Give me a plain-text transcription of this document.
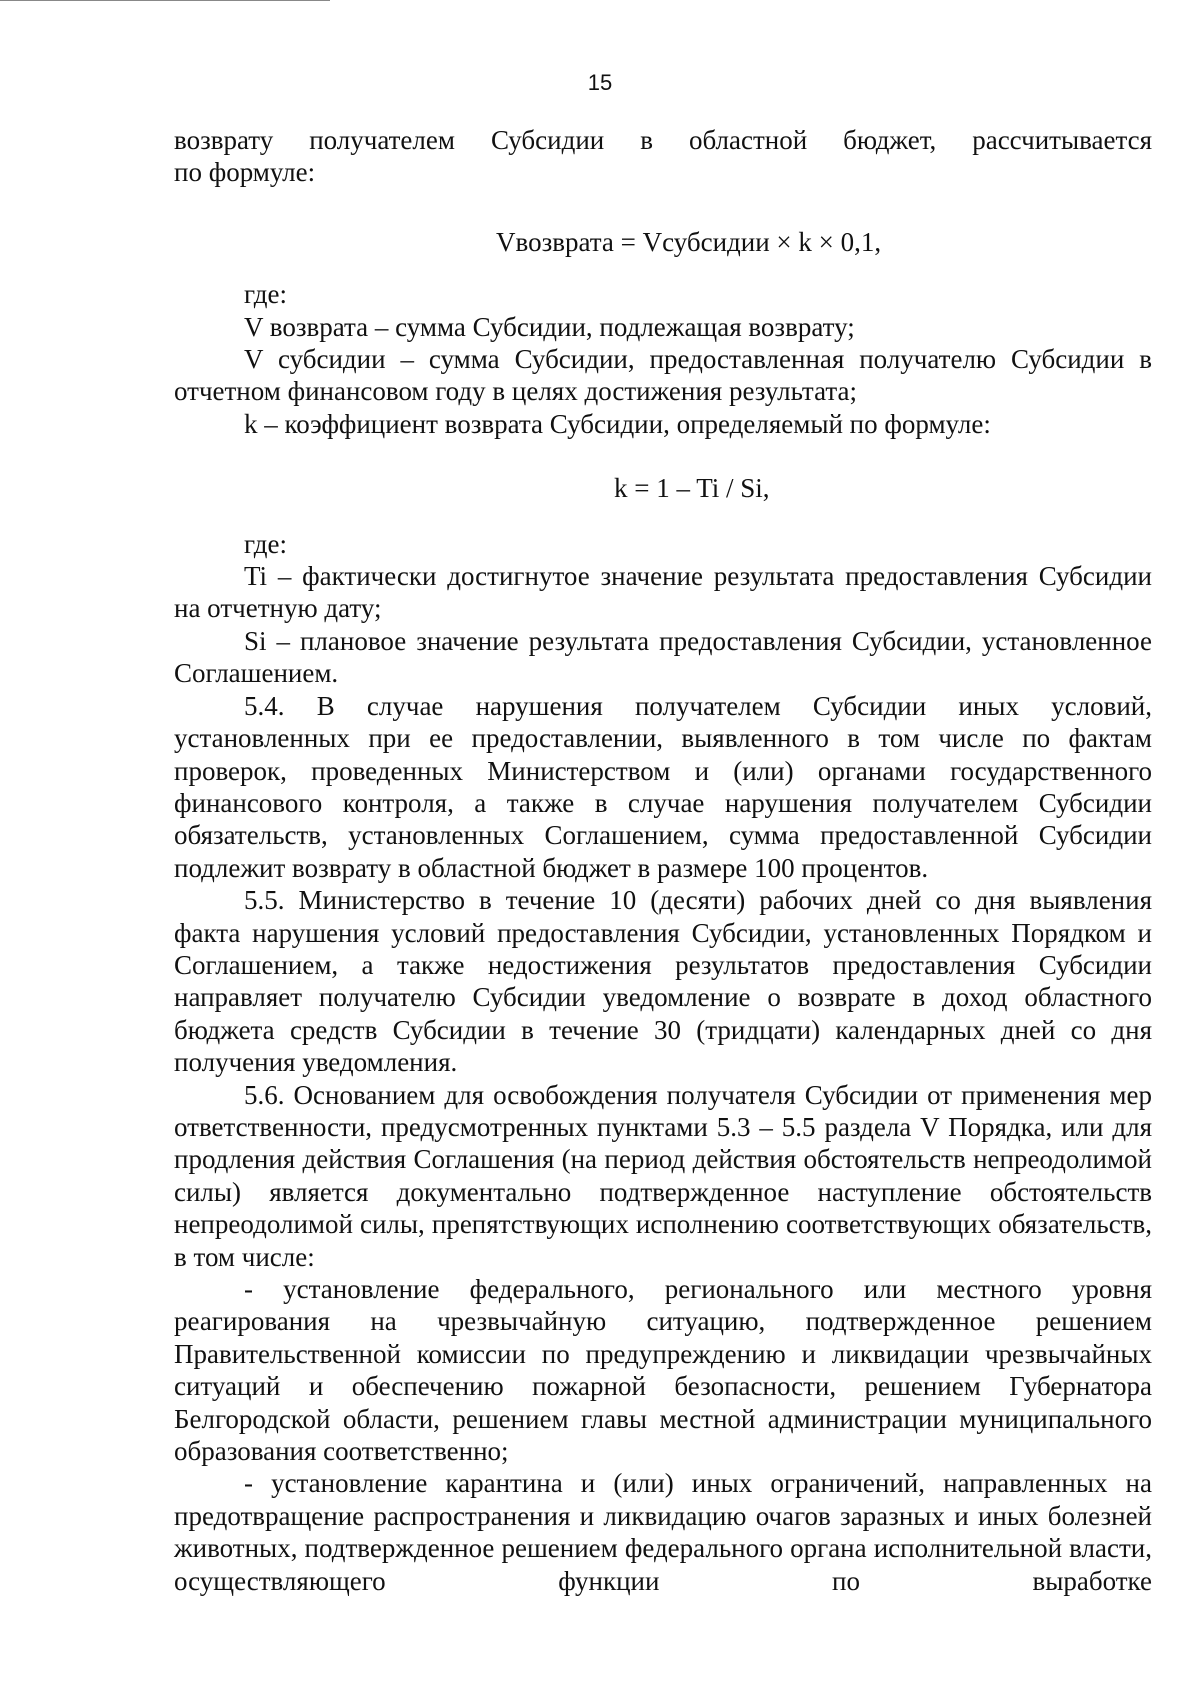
15

возврату получателем Субсидии в областной бюджет, рассчитывается

по формуле:

Vвозврата = Vсубсидии × k × 0,1,

где:

V возврата – сумма Субсидии, подлежащая возврату;

V субсидии – сумма Субсидии, предоставленная получателю Субсидии в отчетном финансовом году в целях достижения результата;

k – коэффициент возврата Субсидии, определяемый по формуле:

k = 1 – Ti / Si,

где:

Ti – фактически достигнутое значение результата предоставления Субсидии на отчетную дату;

Si – плановое значение результата предоставления Субсидии, установленное Соглашением.

5.4. В случае нарушения получателем Субсидии иных условий, установленных при ее предоставлении, выявленного в том числе по фактам проверок, проведенных Министерством и (или) органами государственного финансового контроля, а также в случае нарушения получателем Субсидии обязательств, установленных Соглашением, сумма предоставленной Субсидии подлежит возврату в областной бюджет в размере 100 процентов.

5.5. Министерство в течение 10 (десяти) рабочих дней со дня выявления факта нарушения условий предоставления Субсидии, установленных Порядком и Соглашением, а также недостижения результатов предоставления Субсидии направляет получателю Субсидии уведомление о возврате в доход областного бюджета средств Субсидии в течение 30 (тридцати) календарных дней со дня получения уведомления.

5.6. Основанием для освобождения получателя Субсидии от применения мер ответственности, предусмотренных пунктами 5.3 – 5.5 раздела V Порядка, или для продления действия Соглашения (на период действия обстоятельств непреодолимой силы) является документально подтвержденное наступление обстоятельств непреодолимой силы, препятствующих исполнению соответствующих обязательств, в том числе:

- установление федерального, регионального или местного уровня реагирования на чрезвычайную ситуацию, подтвержденное решением Правительственной комиссии по предупреждению и ликвидации чрезвычайных ситуаций и обеспечению пожарной безопасности, решением Губернатора Белгородской области, решением главы местной администрации муниципального образования соответственно;

- установление карантина и (или) иных ограничений, направленных на предотвращение распространения и ликвидацию очагов заразных и иных болезней животных, подтвержденное решением федерального органа исполнительной власти, осуществляющего функции по выработке
